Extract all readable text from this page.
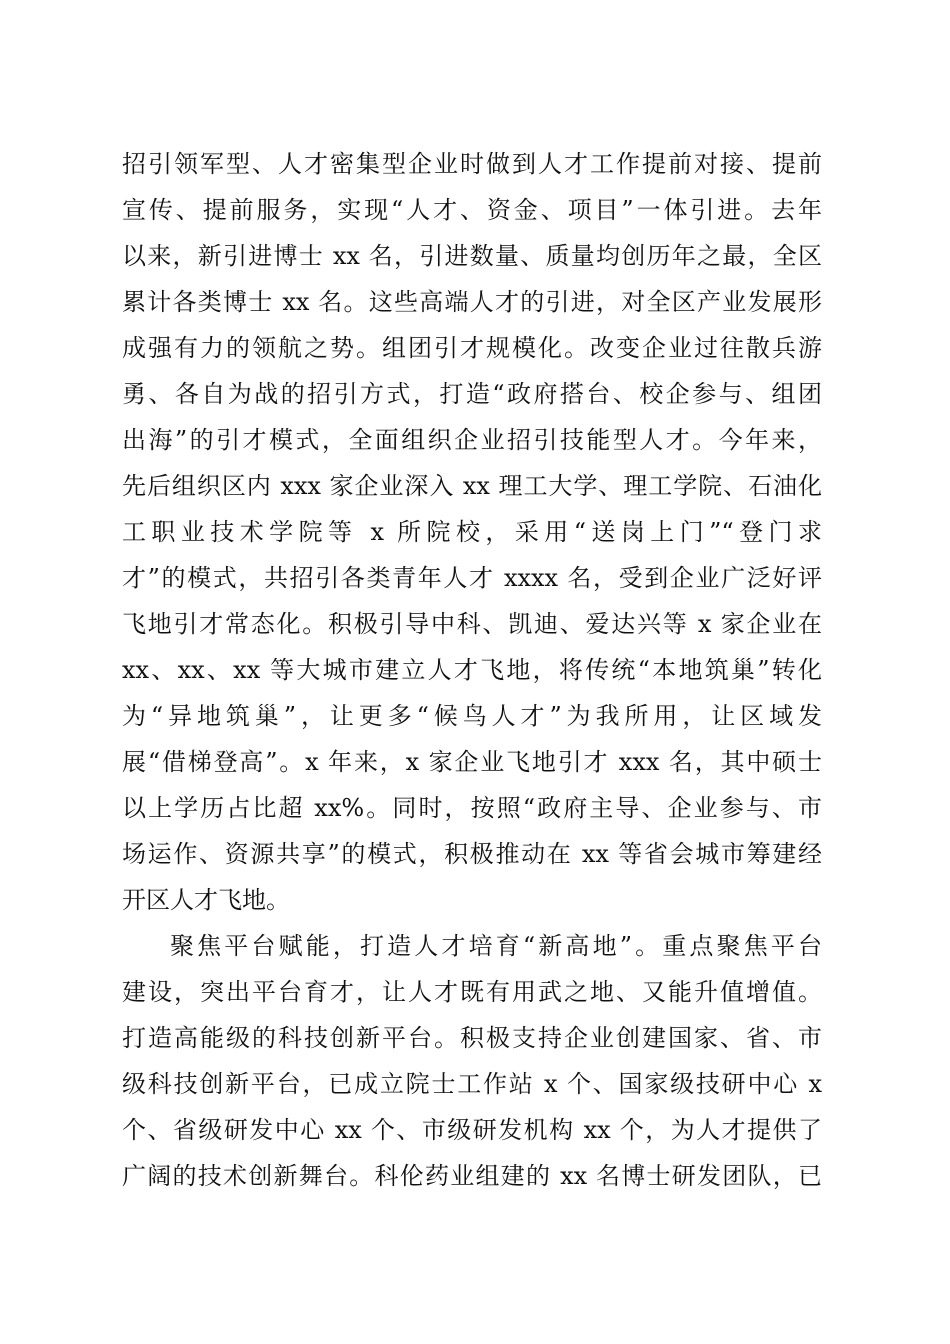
招引领军型、人才密集型企业时做到人才工作提前对接、提前
宣传、提前服务，实现“人才、资金、项目”一体引进。去年
以来，新引进博士 xx 名，引进数量、质量均创历年之最，全区
累计各类博士 xx 名。这些高端人才的引进，对全区产业发展形
成强有力的领航之势。组团引才规模化。改变企业过往散兵游
勇、各自为战的招引方式，打造“政府搭台、校企参与、组团
出海”的引才模式，全面组织企业招引技能型人才。今年来，
先后组织区内 xxx 家企业深入 xx 理工大学、理工学院、石油化
工职业技术学院等 x 所院校，采用“送岗上门”“登门求
才”的模式，共招引各类青年人才 xxxx 名，受到企业广泛好评
飞地引才常态化。积极引导中科、凯迪、爱达兴等 x 家企业在
xx、xx、xx 等大城市建立人才飞地，将传统“本地筑巢”转化
为“异地筑巢”，让更多“候鸟人才”为我所用，让区域发
展“借梯登高”。x 年来，x 家企业飞地引才 xxx 名，其中硕士
以上学历占比超 xx%。同时，按照“政府主导、企业参与、市
场运作、资源共享”的模式，积极推动在 xx 等省会城市筹建经
开区人才飞地。
聚焦平台赋能，打造人才培育“新高地”。重点聚焦平台
建设，突出平台育才，让人才既有用武之地、又能升值增值。
打造高能级的科技创新平台。积极支持企业创建国家、省、市
级科技创新平台，已成立院士工作站 x 个、国家级技研中心 x
个、省级研发中心 xx 个、市级研发机构 xx 个，为人才提供了
广阔的技术创新舞台。科伦药业组建的 xx 名博士研发团队，已
